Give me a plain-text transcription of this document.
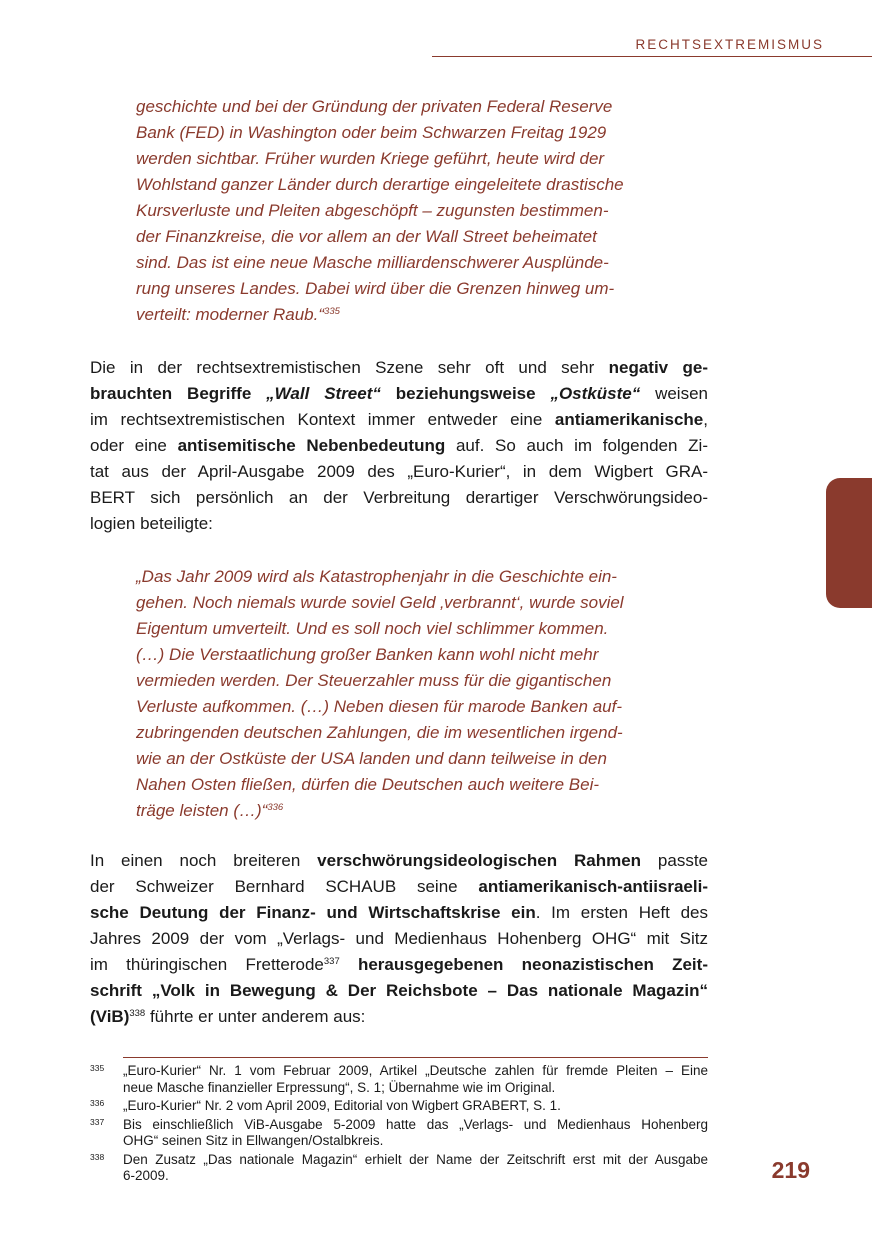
RECHTSEXTREMISMUS
geschichte und bei der Gründung der privaten Federal Reserve
Bank (FED) in Washington oder beim Schwarzen Freitag 1929
werden sichtbar. Früher wurden Kriege geführt, heute wird der
Wohlstand ganzer Länder durch derartige eingeleitete drastische
Kursverluste und Pleiten abgeschöpft – zugunsten bestimmen-
der Finanzkreise, die vor allem an der Wall Street beheimatet
sind. Das ist eine neue Masche milliardenschwerer Ausplünde-
rung unseres Landes. Dabei wird über die Grenzen hinweg um-
verteilt: moderner Raub.“$^{335}$
Die in der rechtsextremistischen Szene sehr oft und sehr negativ ge-
brauchten Begriffe „Wall Street“ beziehungsweise „Ostküste“ weisen
im rechtsextremistischen Kontext immer entweder eine antiamerikanische,
oder eine antisemitische Nebenbedeutung auf. So auch im folgenden Zi-
tat aus der April-Ausgabe 2009 des „Euro-Kurier“, in dem Wigbert GRA-
BERT sich persönlich an der Verbreitung derartiger Verschwörungsideo-
logien beteiligte:
„Das Jahr 2009 wird als Katastrophenjahr in die Geschichte ein-
gehen. Noch niemals wurde soviel Geld ‚verbrannt‘, wurde soviel
Eigentum umverteilt. Und es soll noch viel schlimmer kommen.
(…) Die Verstaatlichung großer Banken kann wohl nicht mehr
vermieden werden. Der Steuerzahler muss für die gigantischen
Verluste aufkommen. (…) Neben diesen für marode Banken auf-
zubringenden deutschen Zahlungen, die im wesentlichen irgend-
wie an der Ostküste der USA landen und dann teilweise in den
Nahen Osten fließen, dürfen die Deutschen auch weitere Bei-
träge leisten (…)“$^{336}$
In einen noch breiteren verschwörungsideologischen Rahmen passte
der Schweizer Bernhard SCHAUB seine antiamerikanisch-antiisraeli-
sche Deutung der Finanz- und Wirtschaftskrise ein. Im ersten Heft des
Jahres 2009 der vom „Verlags- und Medienhaus Hohenberg OHG“ mit Sitz
im thüringischen Fretterode$^{337}$ herausgegebenen neonazistischen Zeit-
schrift „Volk in Bewegung & Der Reichsbote – Das nationale Magazin“
(ViB)$^{338}$ führte er unter anderem aus:
335 „Euro-Kurier“ Nr. 1 vom Februar 2009, Artikel „Deutsche zahlen für fremde Pleiten – Eine
neue Masche finanzieller Erpressung“, S. 1; Übernahme wie im Original.
336 „Euro-Kurier“ Nr. 2 vom April 2009, Editorial von Wigbert GRABERT, S. 1.
337 Bis einschließlich ViB-Ausgabe 5-2009 hatte das „Verlags- und Medienhaus Hohenberg
OHG“ seinen Sitz in Ellwangen/Ostalbkreis.
338 Den Zusatz „Das nationale Magazin“ erhielt der Name der Zeitschrift erst mit der Ausgabe
6-2009.	219
